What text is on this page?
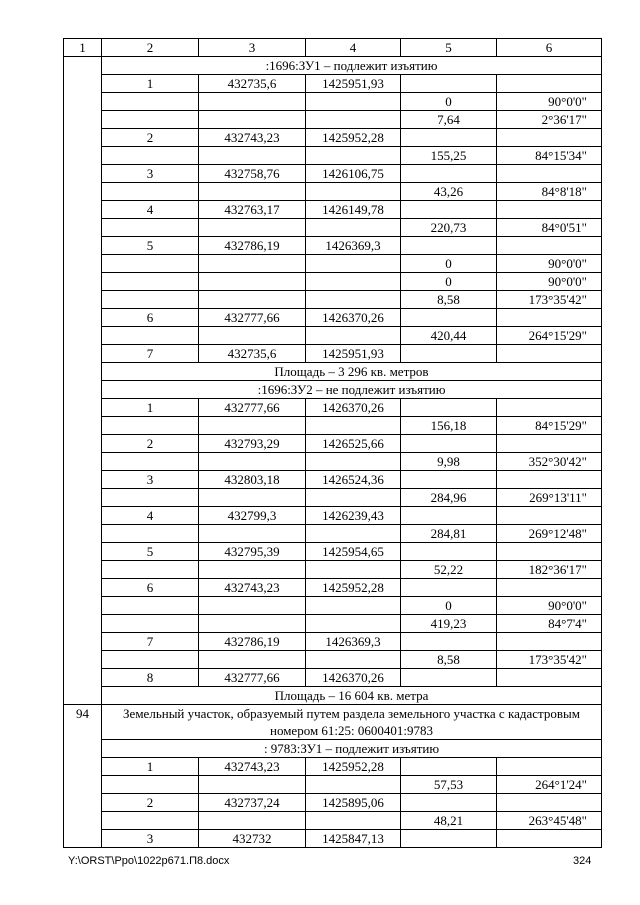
1	2	3	4	5	6
	:1696:ЗУ1 – подлежит изъятию				
	1	432735,6	1425951,93		
				0	90°0'0"
				7,64	2°36'17"
	2	432743,23	1425952,28		
				155,25	84°15'34"
	3	432758,76	1426106,75		
				43,26	84°8'18"
	4	432763,17	1426149,78		
				220,73	84°0'51"
	5	432786,19	1426369,3		
				0	90°0'0"
				0	90°0'0"
				8,58	173°35'42"
	6	432777,66	1426370,26		
				420,44	264°15'29"
	7	432735,6	1425951,93		
	Площадь – 3 296 кв. метров				
	:1696:ЗУ2 – не подлежит изъятию				
	1	432777,66	1426370,26		
				156,18	84°15'29"
	2	432793,29	1426525,66		
				9,98	352°30'42"
	3	432803,18	1426524,36		
				284,96	269°13'11"
	4	432799,3	1426239,43		
				284,81	269°12'48"
	5	432795,39	1425954,65		
				52,22	182°36'17"
	6	432743,23	1425952,28		
				0	90°0'0"
				419,23	84°7'4"
	7	432786,19	1426369,3		
				8,58	173°35'42"
	8	432777,66	1426370,26		
	Площадь – 16 604 кв. метра				
94	Земельный участок, образуемый путем раздела земельного участка с кадастровым номером 61:25: 0600401:9783				
	: 9783:ЗУ1 – подлежит изъятию				
	1	432743,23	1425952,28		
				57,53	264°1'24"
	2	432737,24	1425895,06		
				48,21	263°45'48"
	3	432732	1425847,13		
Y:\ORST\Ppo\1022p671.П8.docx	324
